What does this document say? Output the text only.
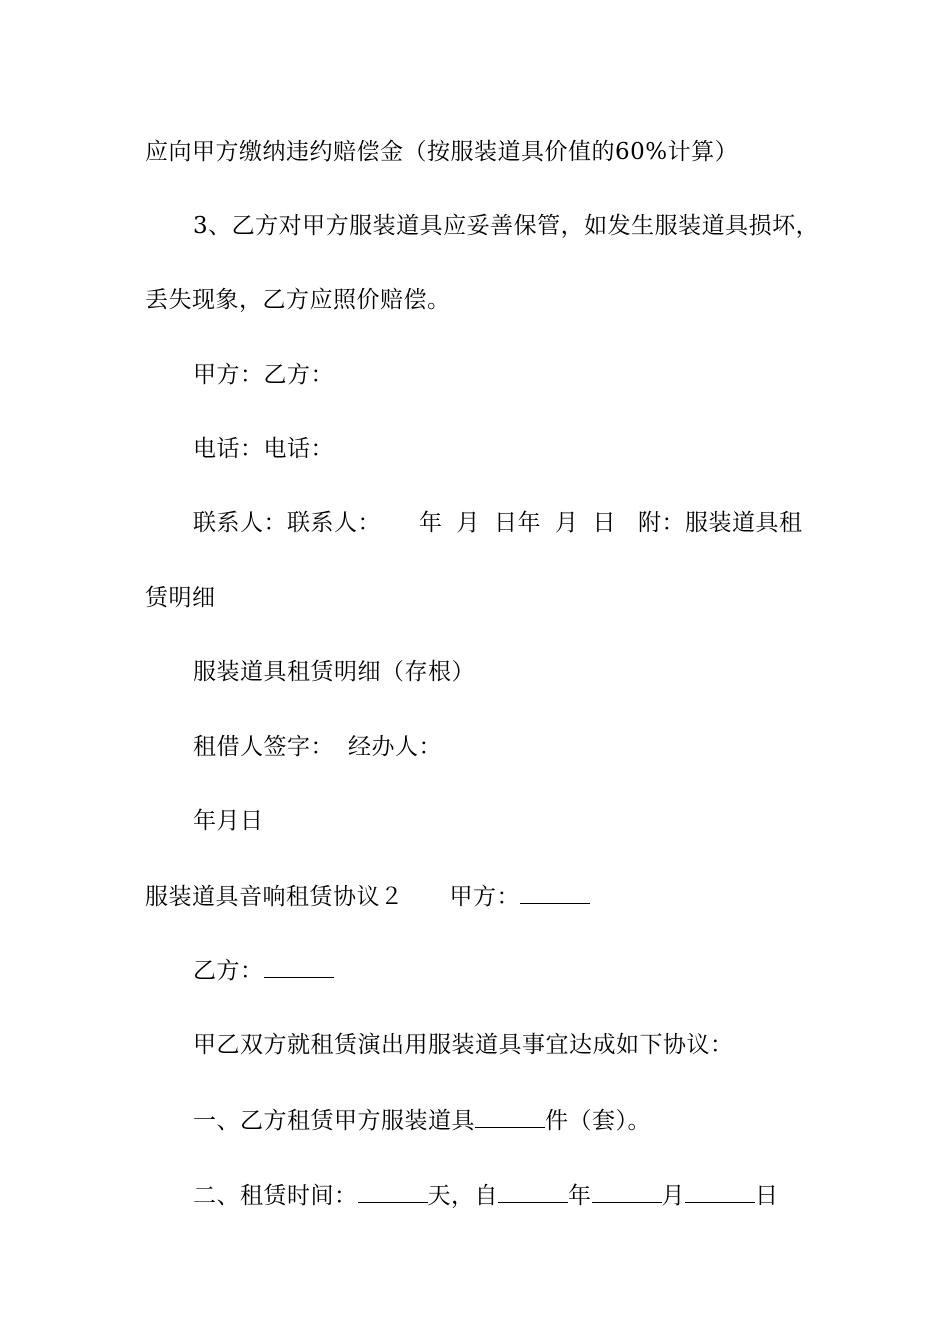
应向甲方缴纳违约赔偿金（按服装道具价值的60%计算）
3、乙方对甲方服装道具应妥善保管，如发生服装道具损坏，
丢失现象，乙方应照价赔偿。
甲方：乙方：
电话：电话：
联系人：联系人： 年 月 日年 月 日 附：服装道具租
赁明细
服装道具租赁明细（存根）
租借人签字： 经办人：
年月日
服装道具音响租赁协议２ 甲方：
乙方：
甲乙双方就租赁演出用服装道具事宜达成如下协议：
一、乙方租赁甲方服装道具	件（套）。
二、租赁时间：	天，自	年	月	日
